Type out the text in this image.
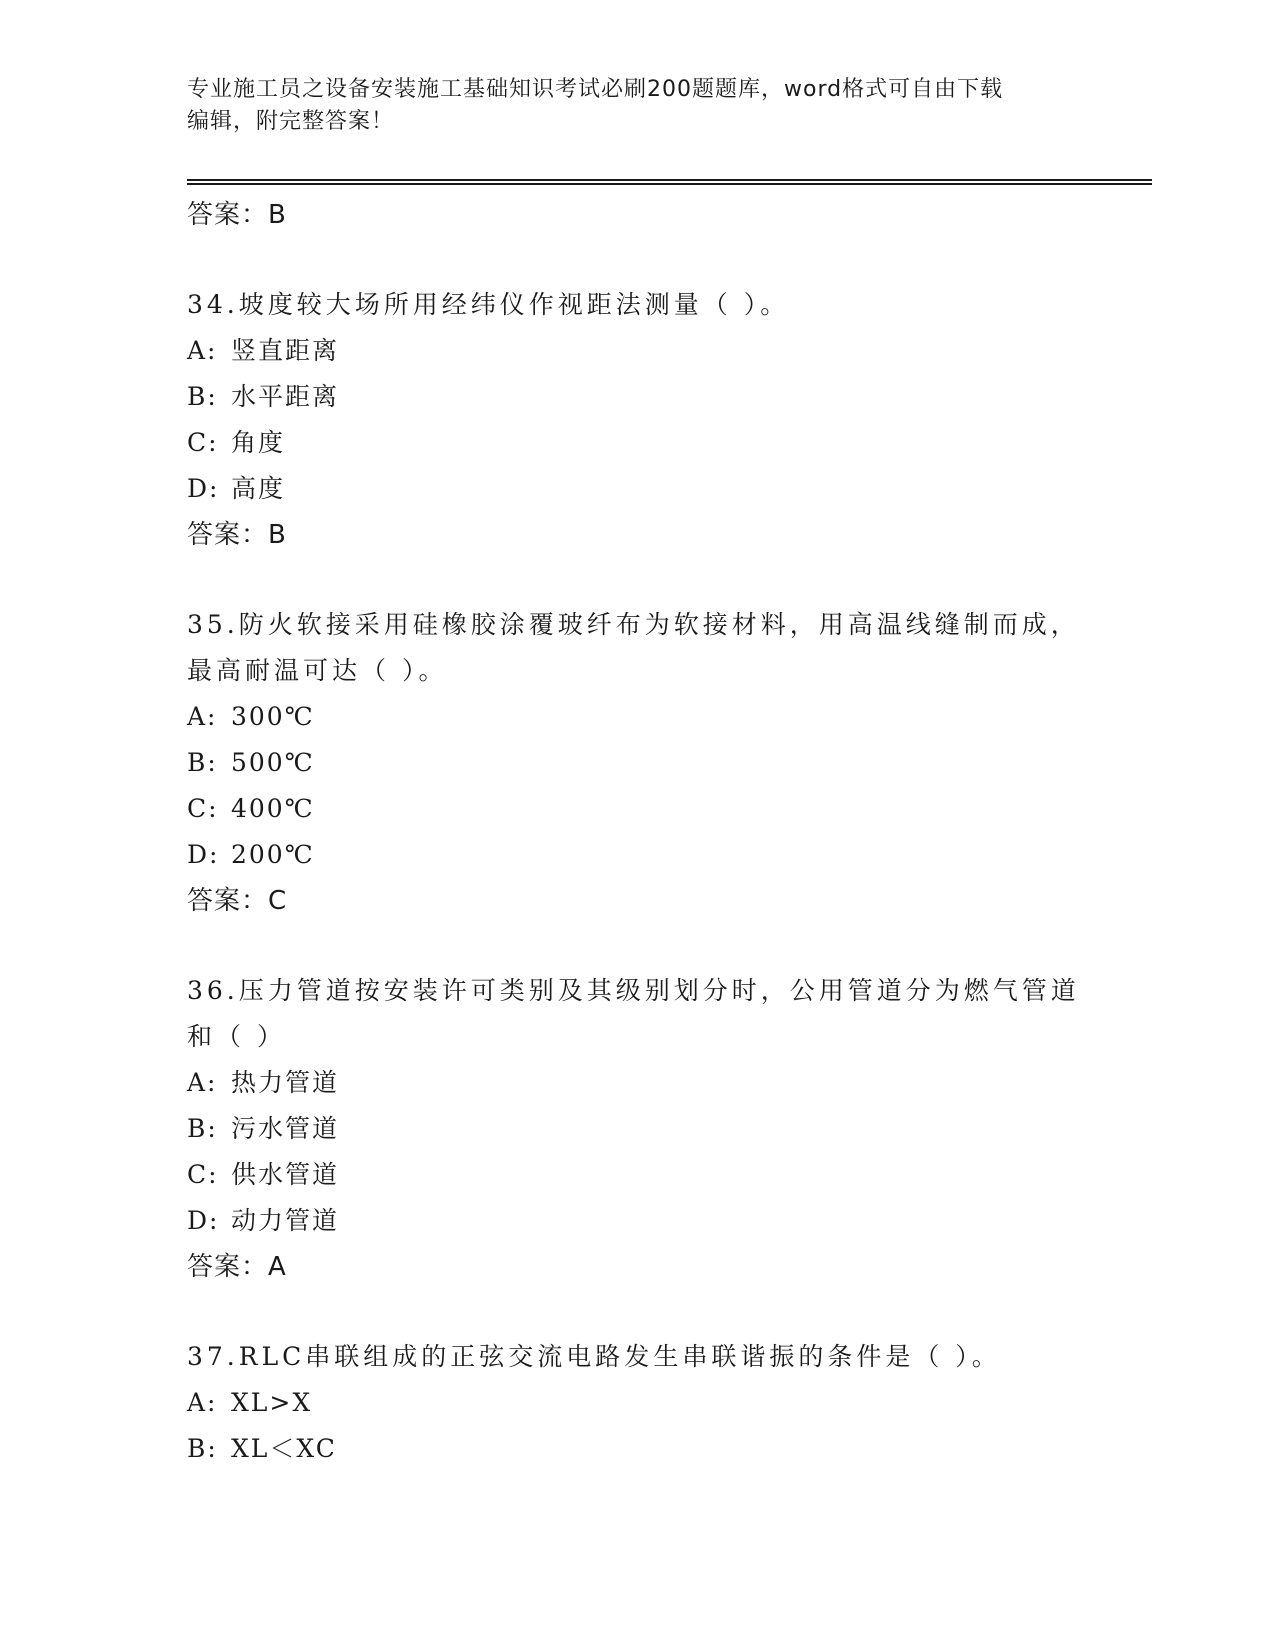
专业施工员之设备安装施工基础知识考试必刷200题题库，word格式可自由下载
编辑，附完整答案！
答案：B
34.坡度较大场所用经纬仪作视距法测量（ ）。
A: 竖直距离
B: 水平距离
C: 角度
D: 高度
答案：B
35.防火软接采用硅橡胶涂覆玻纤布为软接材料，用高温线缝制而成，
最高耐温可达（ ）。
A: 300℃
B: 500℃
C: 400℃
D: 200℃
答案：C
36.压力管道按安装许可类别及其级别划分时，公用管道分为燃气管道
和（ ）
A: 热力管道
B: 污水管道
C: 供水管道
D: 动力管道
答案：A
37.RLC串联组成的正弦交流电路发生串联谐振的条件是（ ）。
A: XL>X
B: XL＜XC
